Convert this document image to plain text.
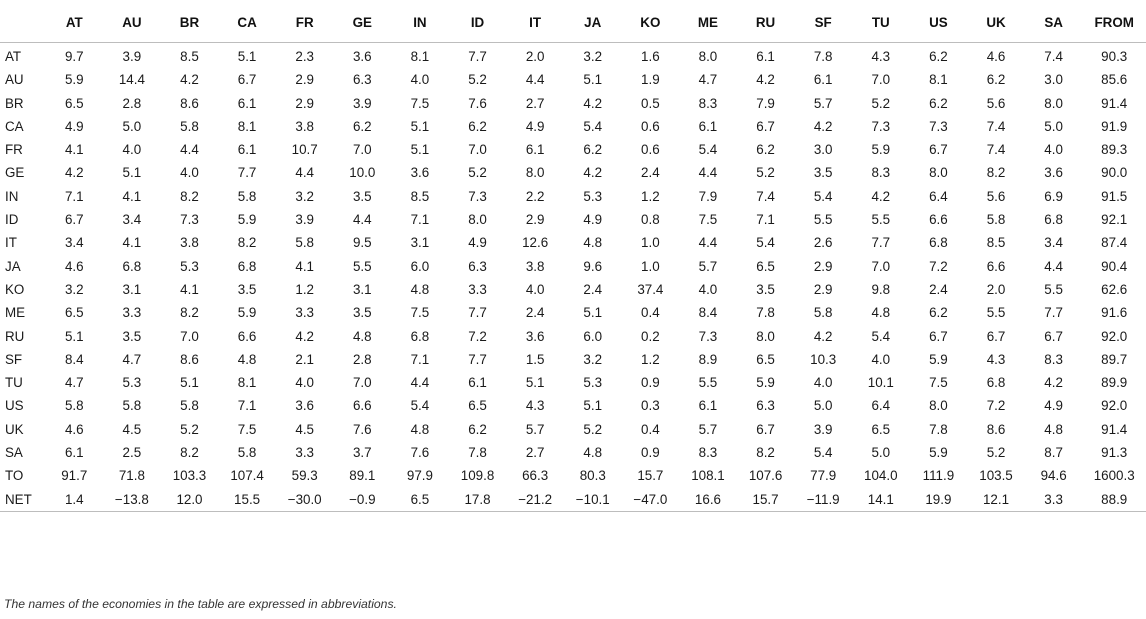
	AT	AU	BR	CA	FR	GE	IN	ID	IT	JA	KO	ME	RU	SF	TU	US	UK	SA	FROM
AT	9.7	3.9	8.5	5.1	2.3	3.6	8.1	7.7	2.0	3.2	1.6	8.0	6.1	7.8	4.3	6.2	4.6	7.4	90.3
AU	5.9	14.4	4.2	6.7	2.9	6.3	4.0	5.2	4.4	5.1	1.9	4.7	4.2	6.1	7.0	8.1	6.2	3.0	85.6
BR	6.5	2.8	8.6	6.1	2.9	3.9	7.5	7.6	2.7	4.2	0.5	8.3	7.9	5.7	5.2	6.2	5.6	8.0	91.4
CA	4.9	5.0	5.8	8.1	3.8	6.2	5.1	6.2	4.9	5.4	0.6	6.1	6.7	4.2	7.3	7.3	7.4	5.0	91.9
FR	4.1	4.0	4.4	6.1	10.7	7.0	5.1	7.0	6.1	6.2	0.6	5.4	6.2	3.0	5.9	6.7	7.4	4.0	89.3
GE	4.2	5.1	4.0	7.7	4.4	10.0	3.6	5.2	8.0	4.2	2.4	4.4	5.2	3.5	8.3	8.0	8.2	3.6	90.0
IN	7.1	4.1	8.2	5.8	3.2	3.5	8.5	7.3	2.2	5.3	1.2	7.9	7.4	5.4	4.2	6.4	5.6	6.9	91.5
ID	6.7	3.4	7.3	5.9	3.9	4.4	7.1	8.0	2.9	4.9	0.8	7.5	7.1	5.5	5.5	6.6	5.8	6.8	92.1
IT	3.4	4.1	3.8	8.2	5.8	9.5	3.1	4.9	12.6	4.8	1.0	4.4	5.4	2.6	7.7	6.8	8.5	3.4	87.4
JA	4.6	6.8	5.3	6.8	4.1	5.5	6.0	6.3	3.8	9.6	1.0	5.7	6.5	2.9	7.0	7.2	6.6	4.4	90.4
KO	3.2	3.1	4.1	3.5	1.2	3.1	4.8	3.3	4.0	2.4	37.4	4.0	3.5	2.9	9.8	2.4	2.0	5.5	62.6
ME	6.5	3.3	8.2	5.9	3.3	3.5	7.5	7.7	2.4	5.1	0.4	8.4	7.8	5.8	4.8	6.2	5.5	7.7	91.6
RU	5.1	3.5	7.0	6.6	4.2	4.8	6.8	7.2	3.6	6.0	0.2	7.3	8.0	4.2	5.4	6.7	6.7	6.7	92.0
SF	8.4	4.7	8.6	4.8	2.1	2.8	7.1	7.7	1.5	3.2	1.2	8.9	6.5	10.3	4.0	5.9	4.3	8.3	89.7
TU	4.7	5.3	5.1	8.1	4.0	7.0	4.4	6.1	5.1	5.3	0.9	5.5	5.9	4.0	10.1	7.5	6.8	4.2	89.9
US	5.8	5.8	5.8	7.1	3.6	6.6	5.4	6.5	4.3	5.1	0.3	6.1	6.3	5.0	6.4	8.0	7.2	4.9	92.0
UK	4.6	4.5	5.2	7.5	4.5	7.6	4.8	6.2	5.7	5.2	0.4	5.7	6.7	3.9	6.5	7.8	8.6	4.8	91.4
SA	6.1	2.5	8.2	5.8	3.3	3.7	7.6	7.8	2.7	4.8	0.9	8.3	8.2	5.4	5.0	5.9	5.2	8.7	91.3
TO	91.7	71.8	103.3	107.4	59.3	89.1	97.9	109.8	66.3	80.3	15.7	108.1	107.6	77.9	104.0	111.9	103.5	94.6	1600.3
NET	1.4	−13.8	12.0	15.5	−30.0	−0.9	6.5	17.8	−21.2	−10.1	−47.0	16.6	15.7	−11.9	14.1	19.9	12.1	3.3	88.9
The names of the economies in the table are expressed in abbreviations.
